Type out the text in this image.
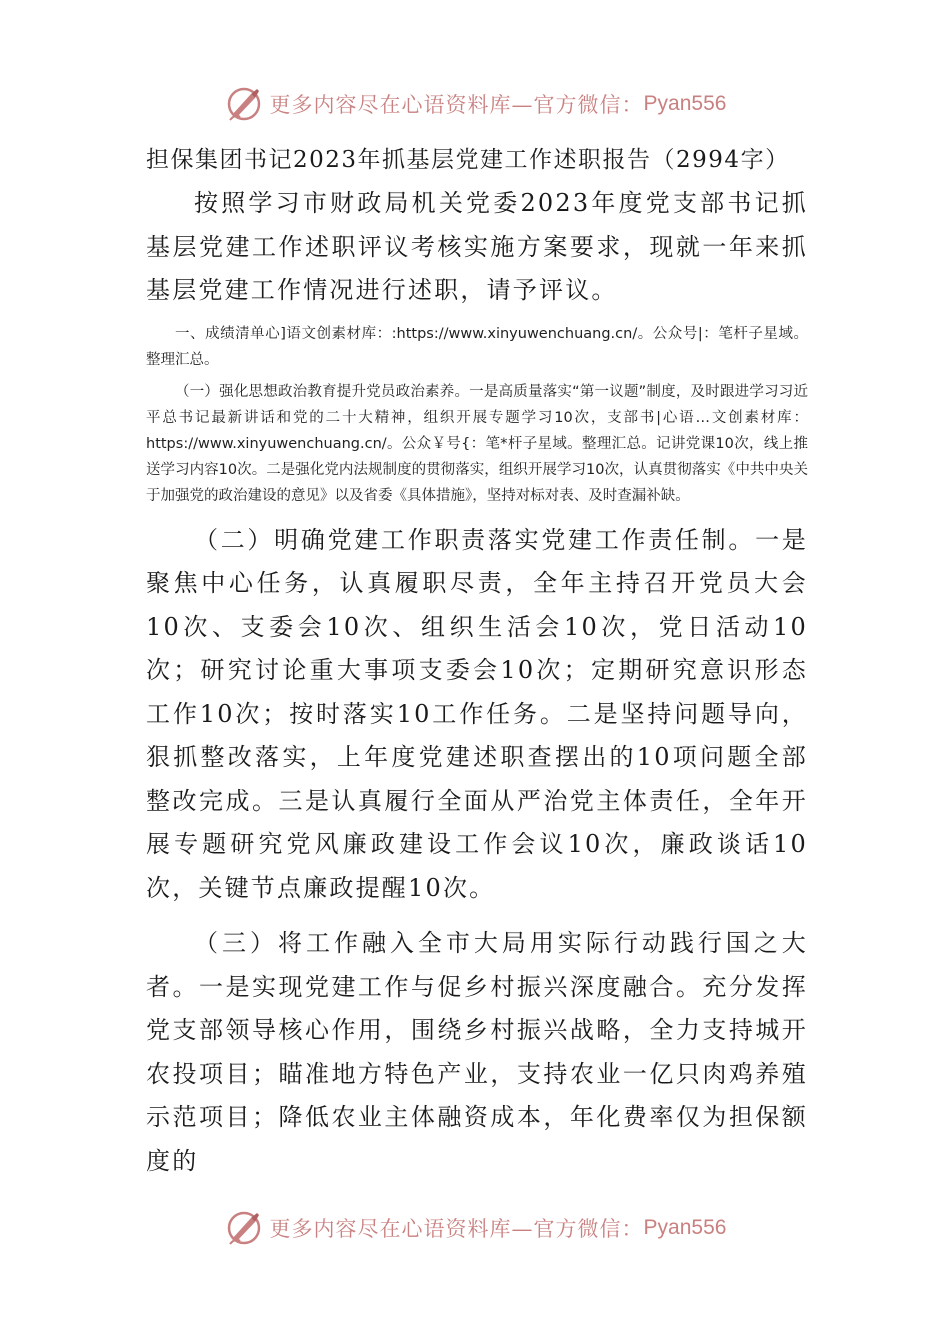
更多内容尽在心语资料库—官方微信： Pyan556

担保集团书记2023年抓基层党建工作述职报告（2994字）

按照学习市财政局机关党委2023年度党支部书记抓基层党建工作述职评议考核实施方案要求，现就一年来抓基层党建工作情况进行述职，请予评议。

一、成绩清单心]语文创素材库：:https://www.xinyuwenchuang.cn/。公众号|：笔杆子星域。整理汇总。

（一）强化思想政治教育提升党员政治素养。一是高质量落实“第一议题”制度，及时跟进学习习近平总书记最新讲话和党的二十大精神，组织开展专题学习10次，支部书|心语…文创素材库：https://www.xinyuwenchuang.cn/。公众￥号{：笔*杆子星域。整理汇总。记讲党课10次，线上推送学习内容10次。二是强化党内法规制度的贯彻落实，组织开展学习10次，认真贯彻落实《中共中央关于加强党的政治建设的意见》以及省委《具体措施》，坚持对标对表、及时查漏补缺。

（二）明确党建工作职责落实党建工作责任制。一是聚焦中心任务，认真履职尽责，全年主持召开党员大会10次、支委会10次、组织生活会10次，党日活动10次；研究讨论重大事项支委会10次；定期研究意识形态工作10次；按时落实10工作任务。二是坚持问题导向，狠抓整改落实，上年度党建述职查摆出的10项问题全部整改完成。三是认真履行全面从严治党主体责任，全年开展专题研究党风廉政建设工作会议10次，廉政谈话10次，关键节点廉政提醒10次。

（三）将工作融入全市大局用实际行动践行国之大者。一是实现党建工作与促乡村振兴深度融合。充分发挥党支部领导核心作用，围绕乡村振兴战略，全力支持城开农投项目；瞄准地方特色产业，支持农业一亿只肉鸡养殖示范项目；降低农业主体融资成本，年化费率仅为担保额度的

更多内容尽在心语资料库—官方微信： Pyan556
